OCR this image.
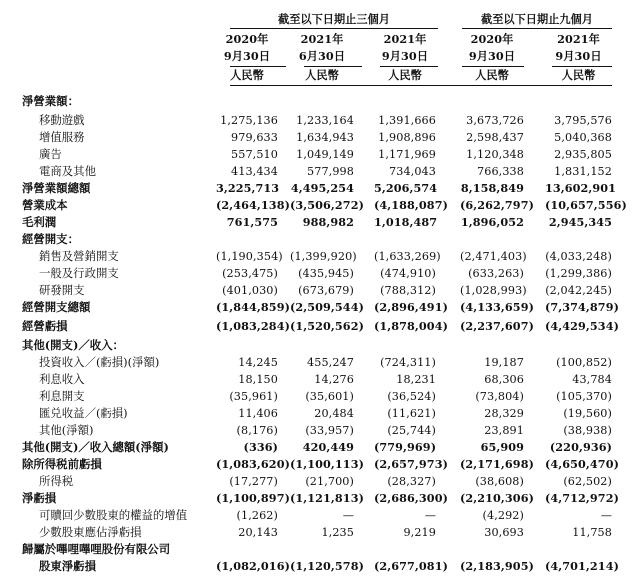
截至以下日期止三個月	截至以下日期止九個月
2020年	2021年	2021年	2020年	2021年
9月30日	6月30日	9月30日	9月30日	9月30日
人民幣	人民幣	人民幣	人民幣	人民幣
淨營業額：
移動遊戲	1,275,136	1,233,164	1,391,666	3,673,726	3,795,576
增值服務	979,633	1,634,943	1,908,896	2,598,437	5,040,368
廣告	557,510	1,049,149	1,171,969	1,120,348	2,935,805
電商及其他	413,434	577,998	734,043	766,338	1,831,152
淨營業額總額	3,225,713 4,495,254 5,206,574 8,158,849 13,602,901
營業成本	(2,464,138) (3,506,272) (4,188,087) (6,262,797) (10,657,556)
毛利潤	761,575	988,982 1,018,487 1,896,052	2,945,345
經營開支：
銷售及營銷開支	(1,190,354) (1,399,920) (1,633,269) (2,471,403) (4,033,248)
一般及行政開支	(253,475)	(435,945)	(474,910)	(633,263) (1,299,386)
研發開支	(401,030)	(673,679)	(788,312) (1,028,993) (2,042,245)
經營開支總額	(1,844,859) (2,509,544) (2,896,491) (4,133,659) (7,374,879)
經營虧損	(1,083,284) (1,520,562) (1,878,004) (2,237,607) (4,429,534)
其他(開支)／收入：
投資收入／(虧損)(淨額)	14,245	455,247	(724,311)	19,187	(100,852)
利息收入	18,150	14,276	18,231	68,306	43,784
利息開支	(35,961)	(35,601)	(36,524)	(73,804)	(105,370)
匯兑收益／(虧損)	11,406	20,484	(11,621)	28,329	(19,560)
其他(淨額)	(8,176)	(33,957)	(25,744)	23,891	(38,938)
其他(開支)／收入總額(淨額)	(336)	420,449 (779,969)	65,909	(220,936)
除所得税前虧損	(1,083,620) (1,100,113) (2,657,973) (2,171,698) (4,650,470)
所得税	(17,277)	(21,700)	(28,327)	(38,608)	(62,502)
淨虧損	(1,100,897) (1,121,813) (2,686,300) (2,210,306) (4,712,972)
可贖回少數股東的權益的增值	(1,262)	—	—	(4,292)	—
少數股東應佔淨虧損	20,143	1,235	9,219	30,693	11,758
歸屬於嗶哩嗶哩股份有限公司
股東淨虧損	(1,082,016) (1,120,578) (2,677,081) (2,183,905) (4,701,214)
